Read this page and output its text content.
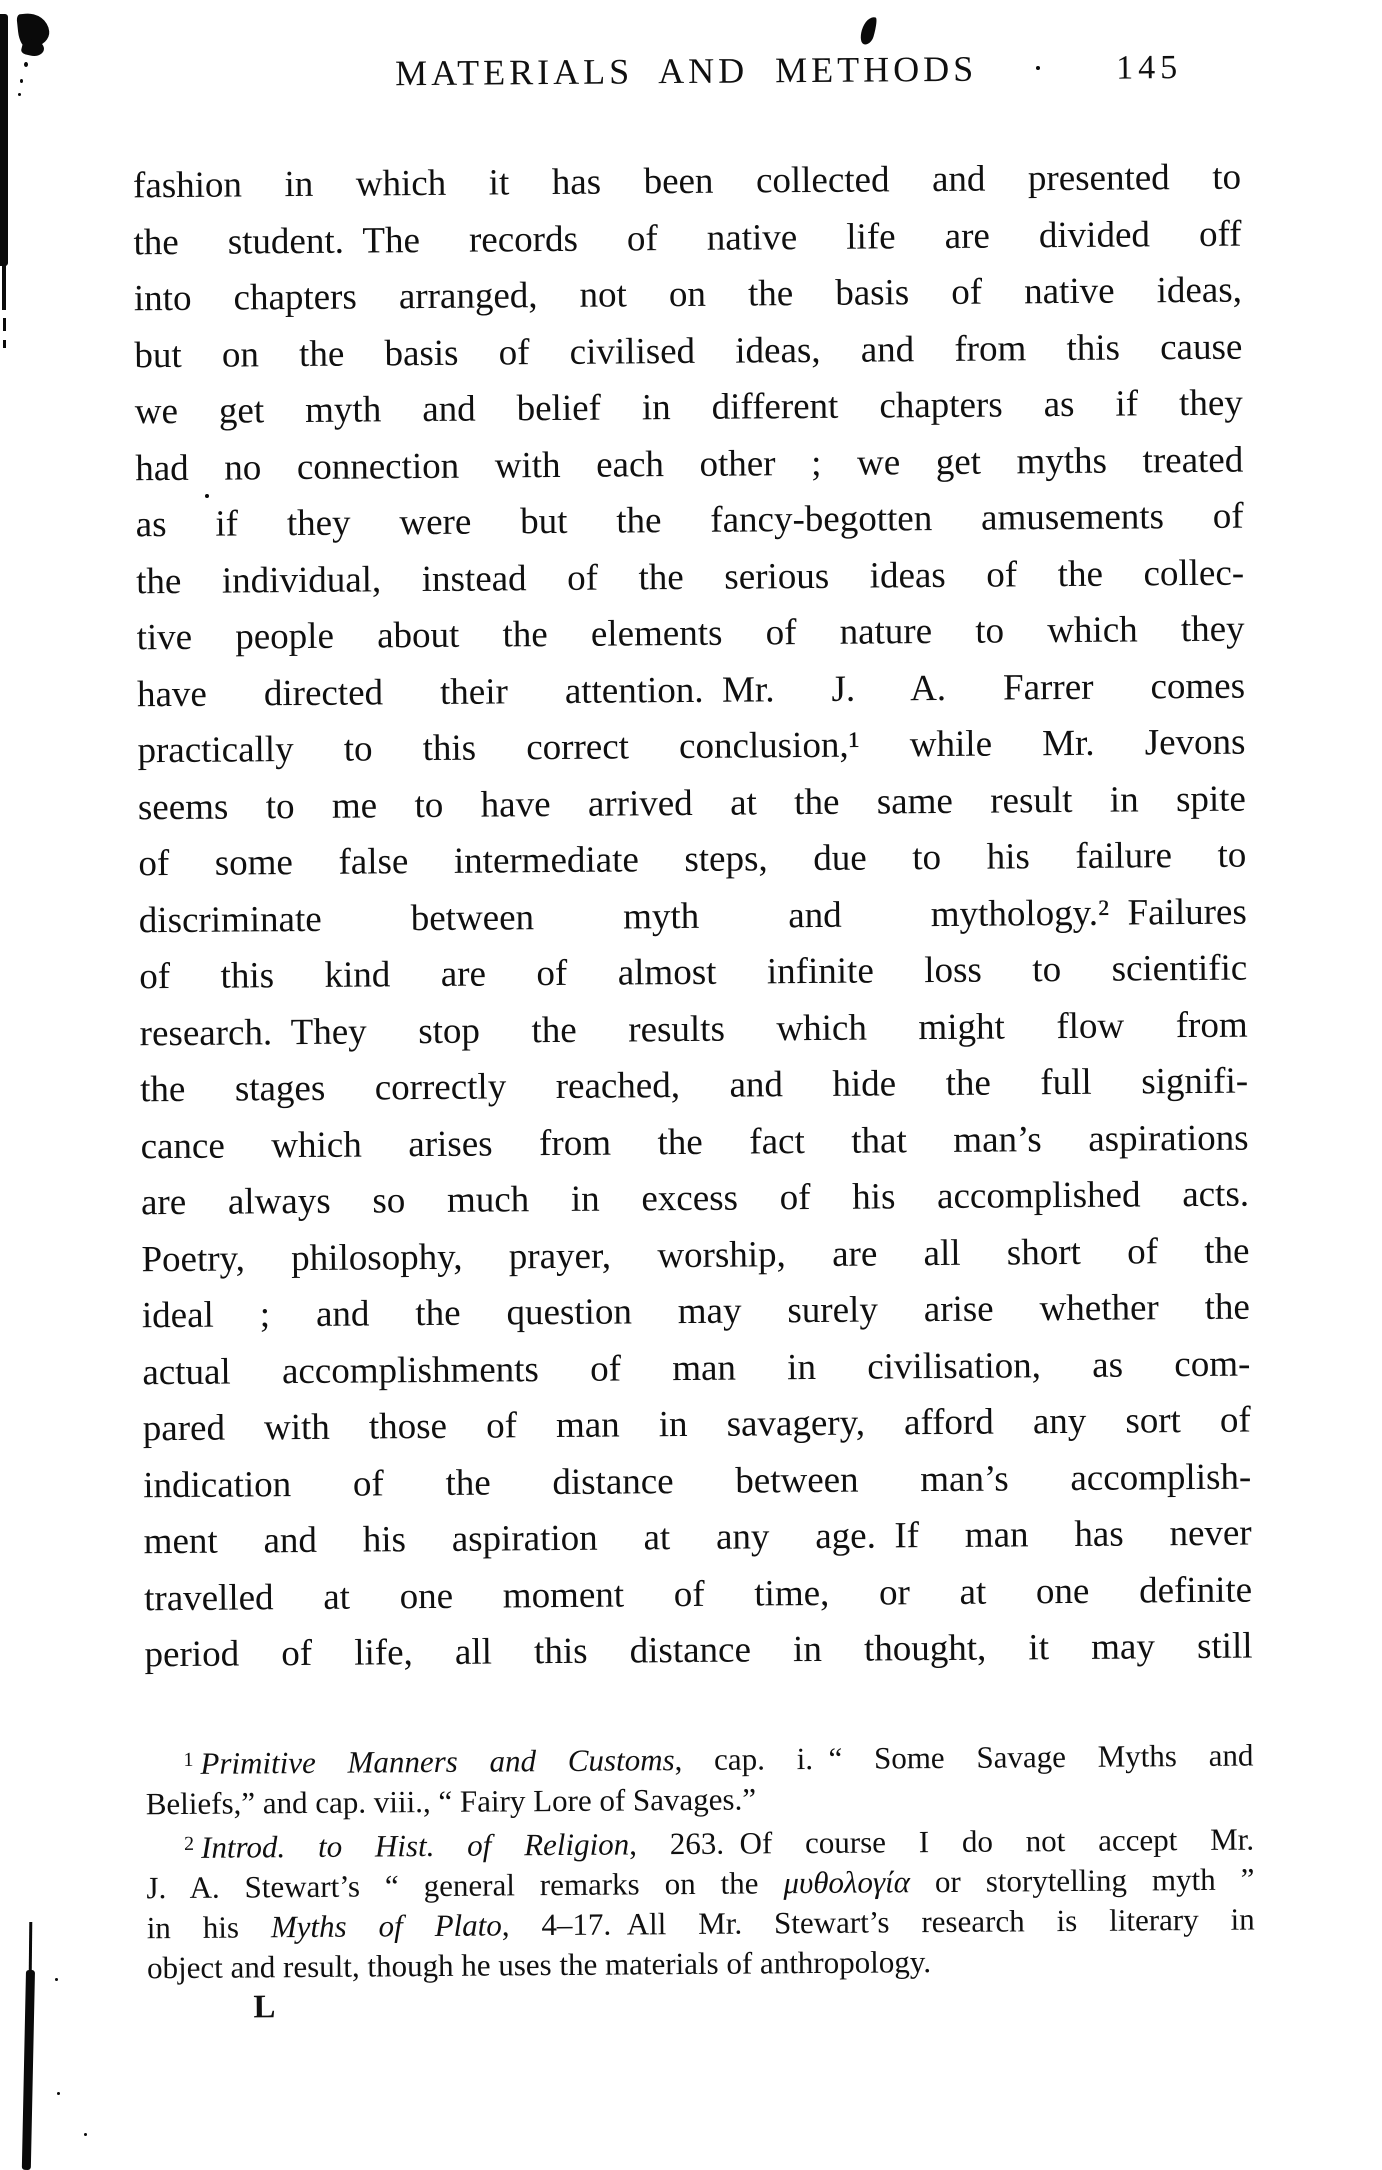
MATERIALS AND METHODS	145
fashion in which it has been collected and presented to
the student. The records of native life are divided off
into chapters arranged, not on the basis of native ideas,
but on the basis of civilised ideas, and from this cause
we get myth and belief in different chapters as if they
had no connection with each other ; we get myths treated
as if they were but the fancy-begotten amusements of
the individual, instead of the serious ideas of the collec-
tive people about the elements of nature to which they
have directed their attention. Mr. J. A. Farrer comes
practically to this correct conclusion,¹ while Mr. Jevons
seems to me to have arrived at the same result in spite
of some false intermediate steps, due to his failure to
discriminate between myth and mythology.² Failures
of this kind are of almost infinite loss to scientific
research. They stop the results which might flow from
the stages correctly reached, and hide the full signifi-
cance which arises from the fact that man’s aspirations
are always so much in excess of his accomplished acts.
Poetry, philosophy, prayer, worship, are all short of the
ideal ; and the question may surely arise whether the
actual accomplishments of man in civilisation, as com-
pared with those of man in savagery, afford any sort of
indication of the distance between man’s accomplish-
ment and his aspiration at any age. If man has never
travelled at one moment of time, or at one definite
period of life, all this distance in thought, it may still
$^1$ Primitive Manners and Customs, cap. i. “ Some Savage Myths and
Beliefs,” and cap. viii., “ Fairy Lore of Savages.”
$^2$ Introd. to Hist. of Religion, 263. Of course I do not accept Mr.
J. A. Stewart’s “ general remarks on the μυθολογία or storytelling myth ”
in his Myths of Plato, 4–17. All Mr. Stewart’s research is literary in
object and result, though he uses the materials of anthropology.
L
